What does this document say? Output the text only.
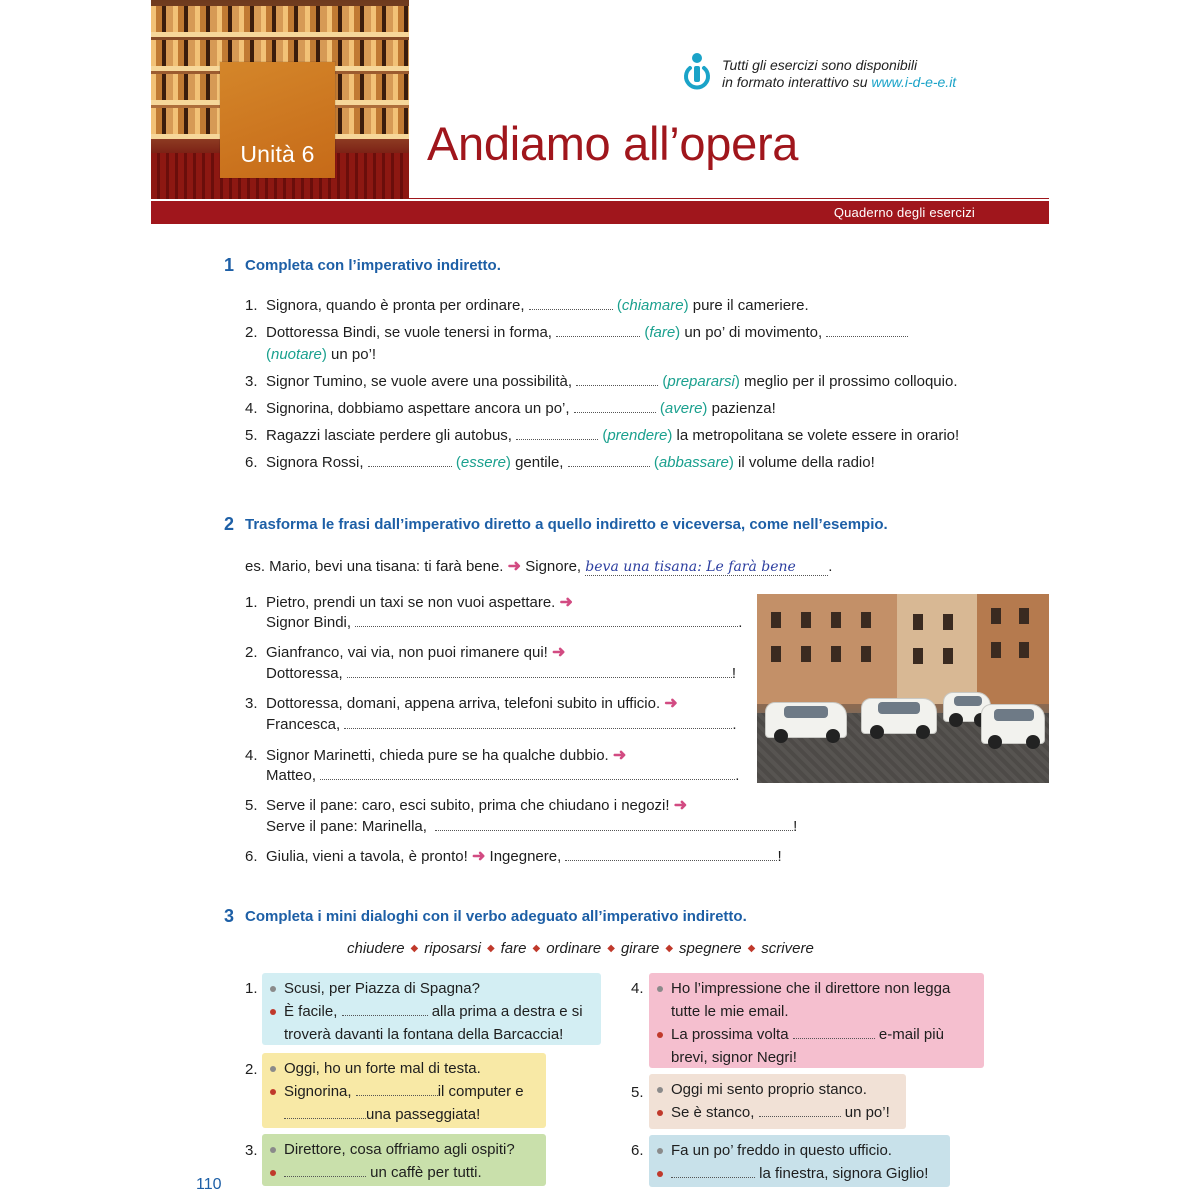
Unità 6	Andiamo all’opera
Tutti gli esercizi sono disponibili
in formato interattivo su www.i-d-e-e.it
Quaderno degli esercizi
1 Completa con l’imperativo indiretto.
1. Signora, quando è pronta per ordinare,	(chiamare) pure il cameriere.
2. Dottoressa Bindi, se vuole tenersi in forma,	(fare) un po’ di movimento,
(nuotare) un po’!
3. Signor Tumino, se vuole avere una possibilità,	(prepararsi) meglio per il prossimo colloquio.
4. Signorina, dobbiamo aspettare ancora un po’,	(avere) pazienza!
5. Ragazzi lasciate perdere gli autobus,	(prendere) la metropolitana se volete essere in orario!
6. Signora Rossi,	(essere) gentile,	(abbassare) il volume della radio!
2 Trasforma le frasi dall’imperativo diretto a quello indiretto e viceversa, come nell’esempio.
es. Mario, bevi una tisana: ti farà bene. ➜ Signore, beva una tisana: Le farà bene .
1. Pietro, prendi un taxi se non vuoi aspettare. ➜
Signor Bindi,	.
2. Gianfranco, vai via, non puoi rimanere qui! ➜
Dottoressa,	!
3. Dottoressa, domani, appena arriva, telefoni subito in ufficio. ➜
Francesca,	.
4. Signor Marinetti, chieda pure se ha qualche dubbio. ➜
Matteo,	.
5. Serve il pane: caro, esci subito, prima che chiudano i negozi! ➜
Serve il pane: Marinella,	!
6. Giulia, vieni a tavola, è pronto! ➜ Ingegnere,	!
3 Completa i mini dialoghi con il verbo adeguato all’imperativo indiretto.
chiudere ◆ riposarsi ◆ fare ◆ ordinare ◆ girare ◆ spegnere ◆ scrivere
1.	Scusi, per Piazza di Spagna?
È facile,	alla prima a destra e si
troverà davanti la fontana della Barcaccia!
2.	Oggi, ho un forte mal di testa.
Signorina,	il computer e
una passeggiata!
3.	Direttore, cosa offriamo agli ospiti?
un caffè per tutti.
4.	Ho l’impressione che il direttore non legga
tutte le mie email.
La prossima volta	e-mail più
brevi, signor Negri!
5.	Oggi mi sento proprio stanco.
Se è stanco,	un po’!
6.	Fa un po’ freddo in questo ufficio.
la finestra, signora Giglio!
110
